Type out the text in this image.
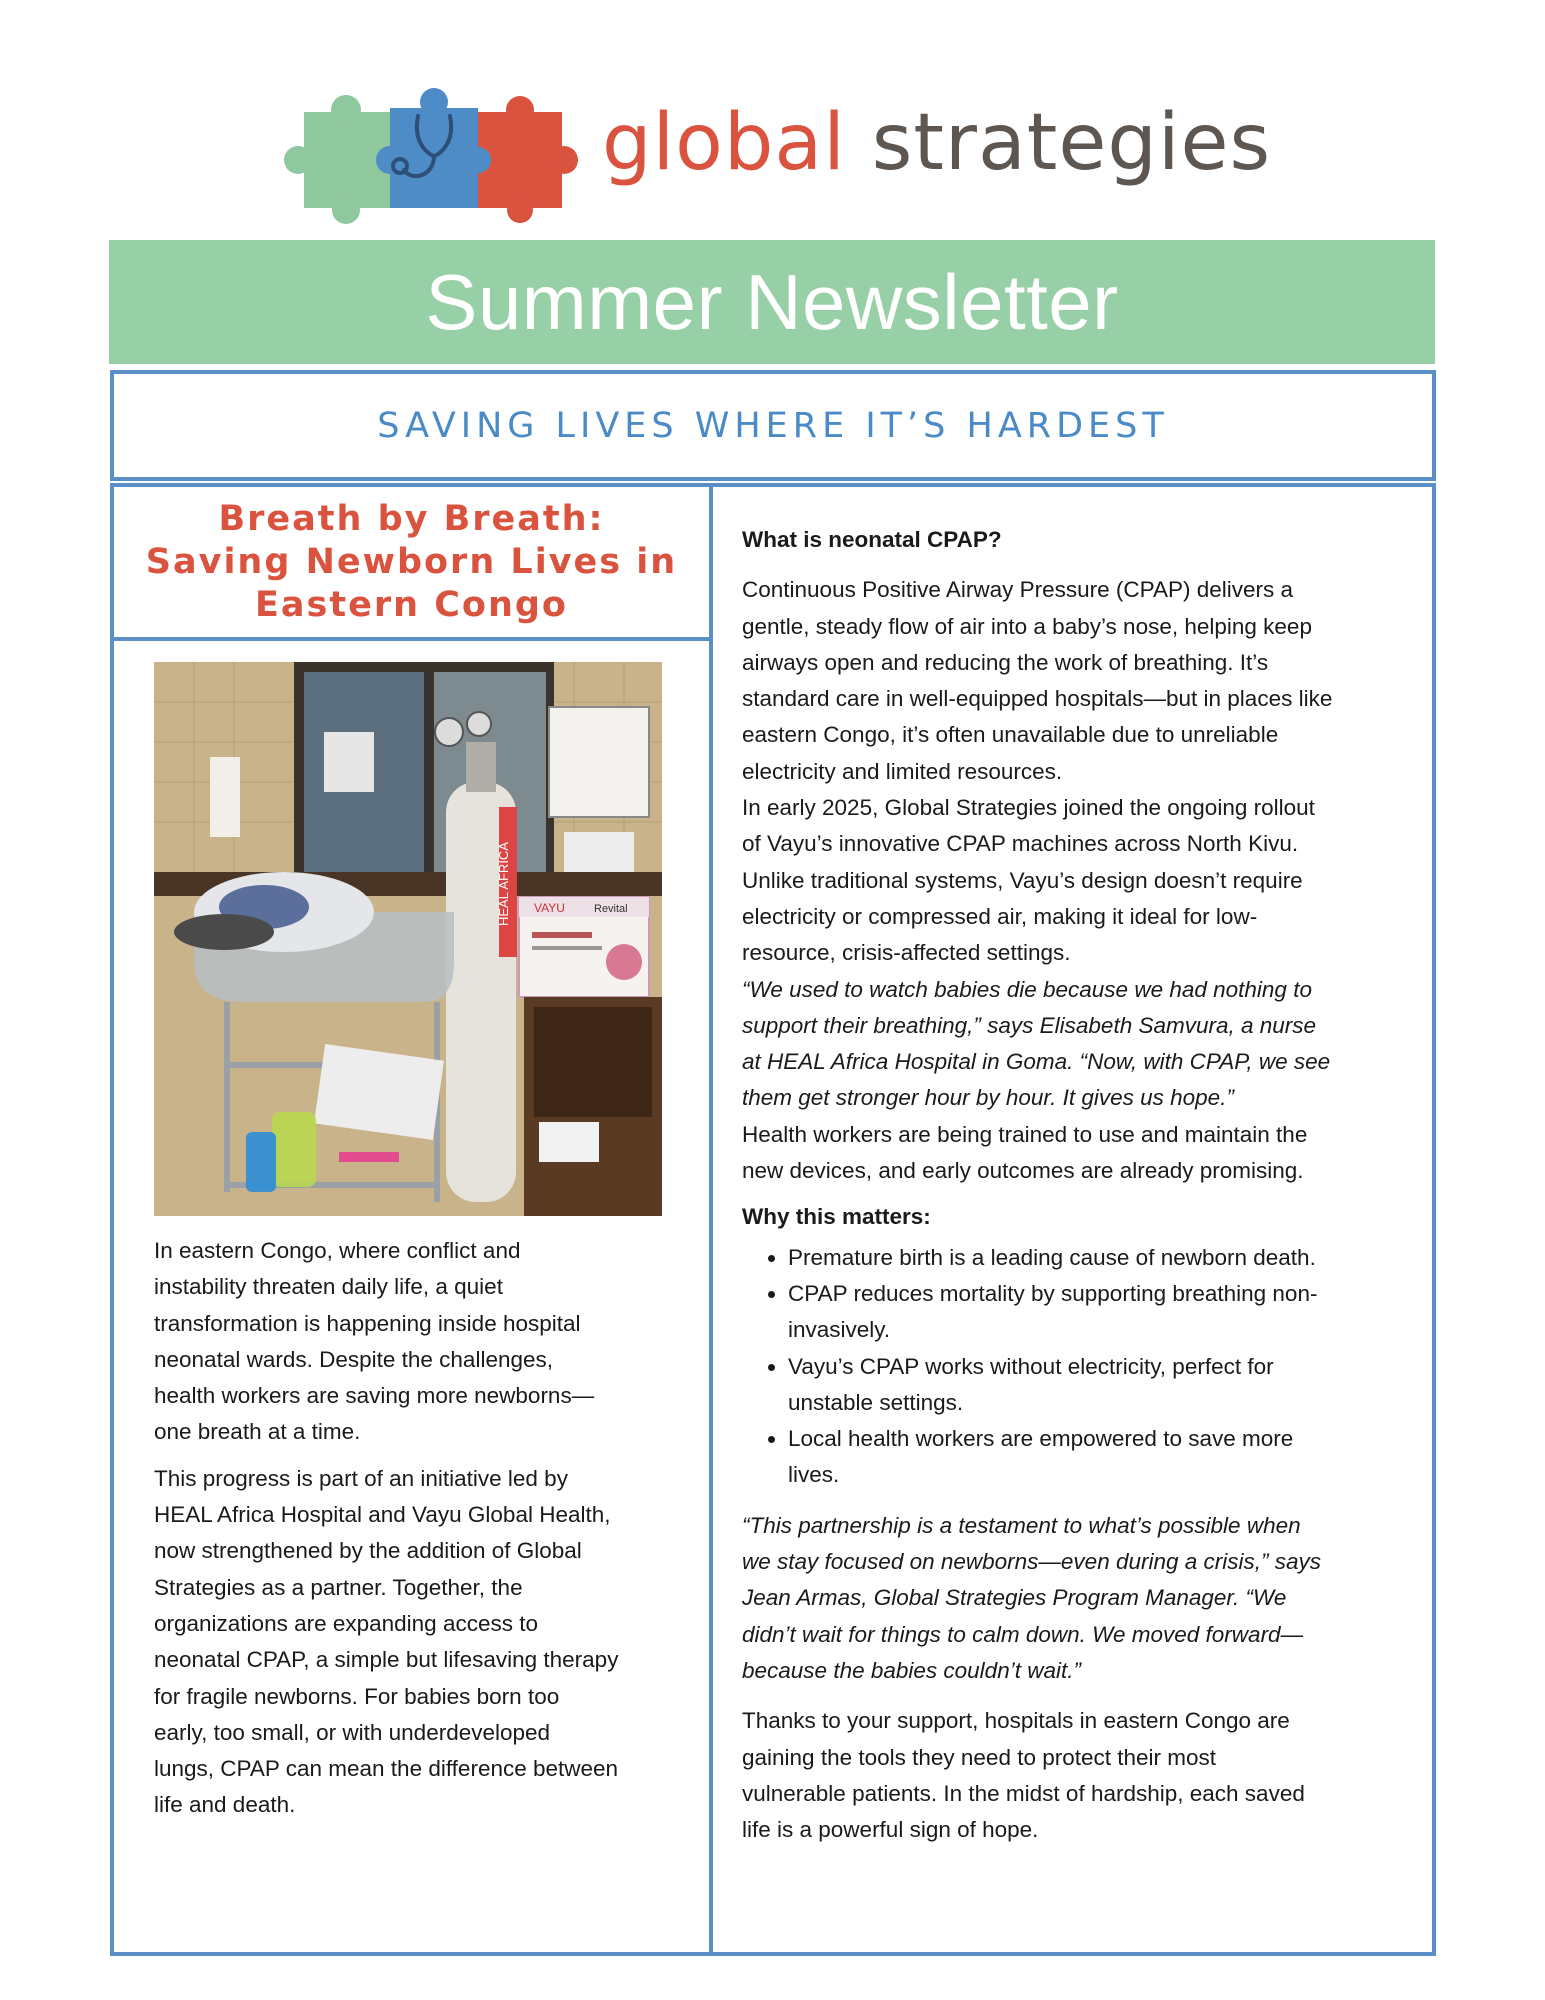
global strategies
Summer Newsletter
SAVING LIVES WHERE IT’S HARDEST
Breath by Breath:
Saving Newborn Lives in
Eastern Congo
HEAL AFRICA VAYU	Revital

In eastern Congo, where conflict and
instability threaten daily life, a quiet
transformation is happening inside hospital
neonatal wards. Despite the challenges,
health workers are saving more newborns—
one breath at a time.

This progress is part of an initiative led by
HEAL Africa Hospital and Vayu Global Health,
now strengthened by the addition of Global
Strategies as a partner. Together, the
organizations are expanding access to
neonatal CPAP, a simple but lifesaving therapy
for fragile newborns. For babies born too
early, too small, or with underdeveloped
lungs, CPAP can mean the difference between
life and death.

What is neonatal CPAP?

Continuous Positive Airway Pressure (CPAP) delivers a
gentle, steady flow of air into a baby’s nose, helping keep
airways open and reducing the work of breathing. It’s
standard care in well-equipped hospitals—but in places like
eastern Congo, it’s often unavailable due to unreliable
electricity and limited resources.

In early 2025, Global Strategies joined the ongoing rollout
of Vayu’s innovative CPAP machines across North Kivu.
Unlike traditional systems, Vayu’s design doesn’t require
electricity or compressed air, making it ideal for low-
resource, crisis-affected settings.

“We used to watch babies die because we had nothing to
support their breathing,” says Elisabeth Samvura, a nurse
at HEAL Africa Hospital in Goma. “Now, with CPAP, we see
them get stronger hour by hour. It gives us hope.”

Health workers are being trained to use and maintain the
new devices, and early outcomes are already promising.

Why this matters:

• Premature birth is a leading cause of newborn death.
• CPAP reduces mortality by supporting breathing non-
invasively.
• Vayu’s CPAP works without electricity, perfect for
unstable settings.
• Local health workers are empowered to save more
lives.

“This partnership is a testament to what’s possible when
we stay focused on newborns—even during a crisis,” says
Jean Armas, Global Strategies Program Manager. “We
didn’t wait for things to calm down. We moved forward—
because the babies couldn’t wait.”

Thanks to your support, hospitals in eastern Congo are
gaining the tools they need to protect their most
vulnerable patients. In the midst of hardship, each saved
life is a powerful sign of hope.
